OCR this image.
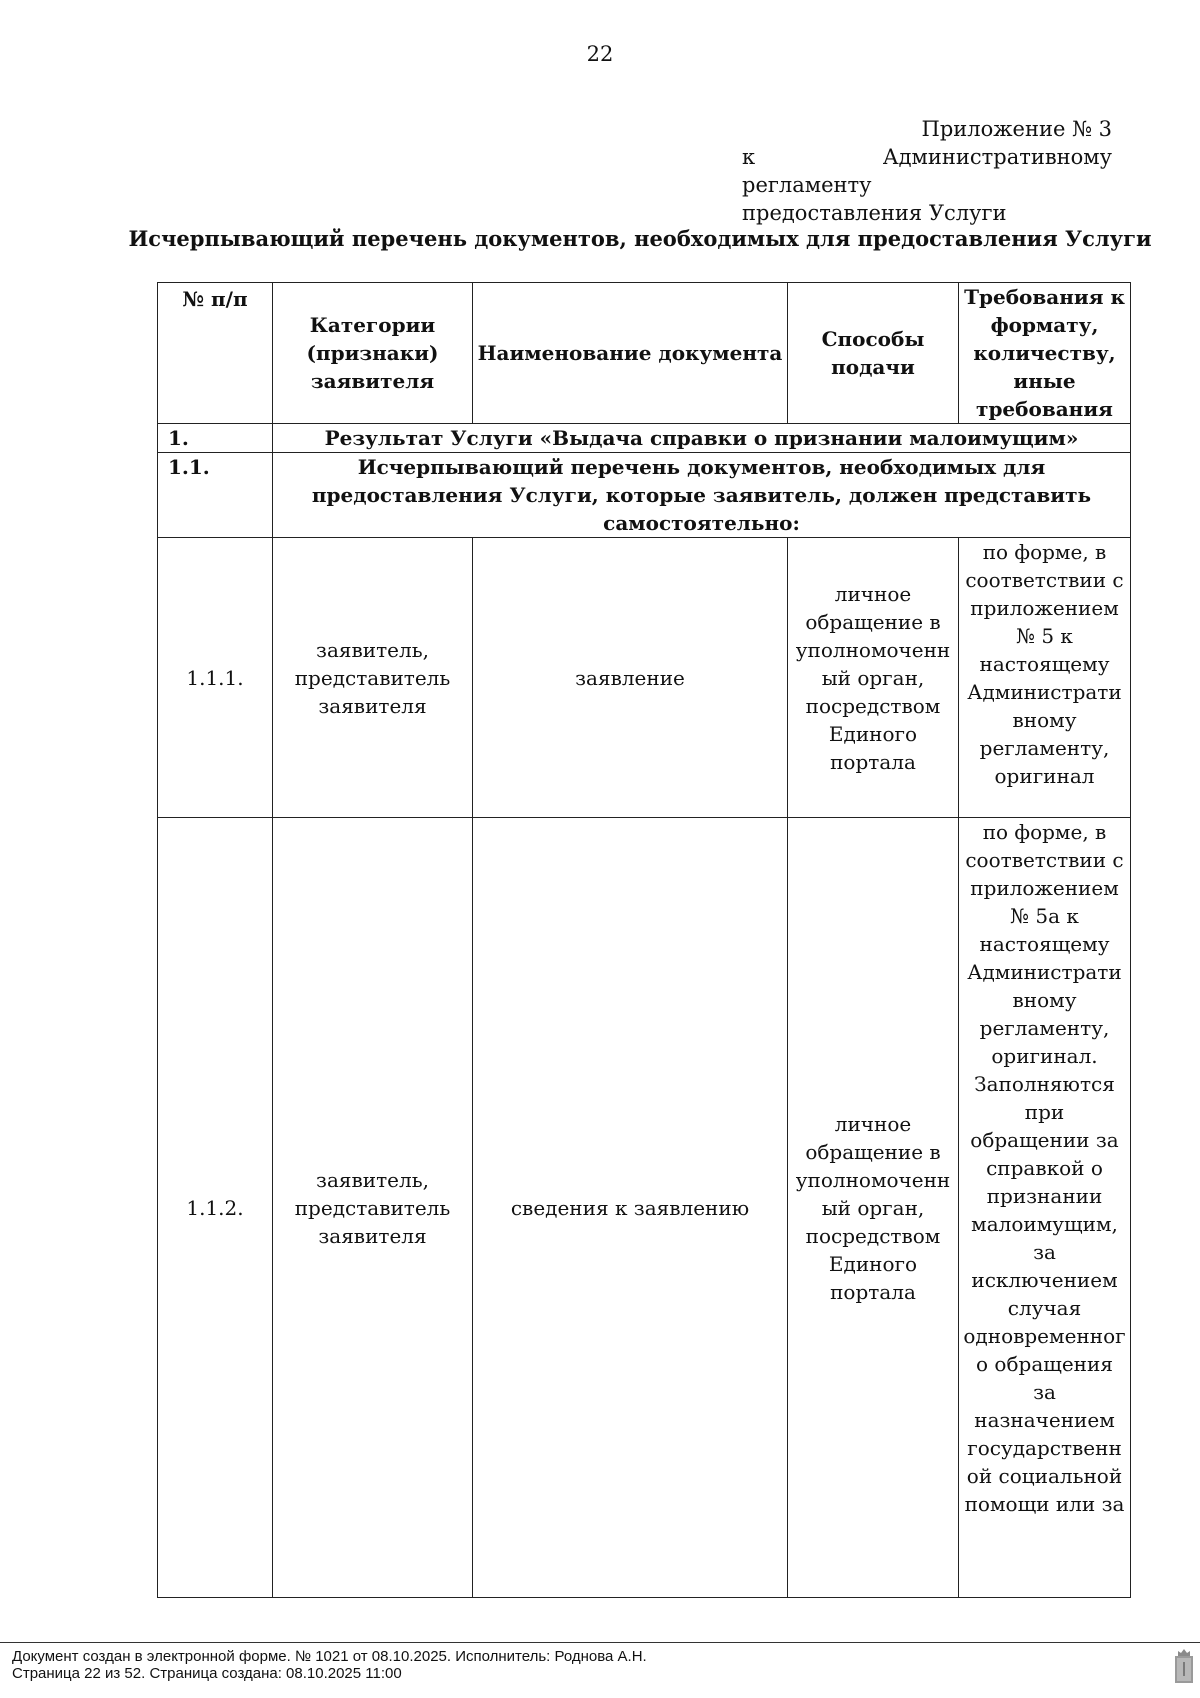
22
Приложение № 3
к Административному регламенту
предоставления Услуги
Исчерпывающий перечень документов, необходимых для предоставления Услуги
№ п/п	Категории (признаки) заявителя	Наименование документа	Способы подачи	Требования к формату, количеству, иные требования
1.	Результат Услуги «Выдача справки о признании малоимущим»			
1.1.	Исчерпывающий перечень документов, необходимых для предоставления Услуги, которые заявитель, должен представить самостоятельно:			
1.1.1.	заявитель, представитель заявителя	заявление	личное обращение в уполномоченный орган, посредством Единого портала	по форме, в соответствии с приложением № 5 к настоящему Административному регламенту, оригинал
1.1.2.	заявитель, представитель заявителя	сведения к заявлению	личное обращение в уполномоченный орган, посредством Единого портала	по форме, в соответствии с приложением № 5а к настоящему Административному регламенту, оригинал. Заполняются при обращении за справкой о признании малоимущим, за исключением случая одновременного обращения за назначением государственной социальной помощи или за
Документ создан в электронной форме. № 1021 от 08.10.2025. Исполнитель: Роднова А.Н.
Страница 22 из 52. Страница создана: 08.10.2025 11:00
